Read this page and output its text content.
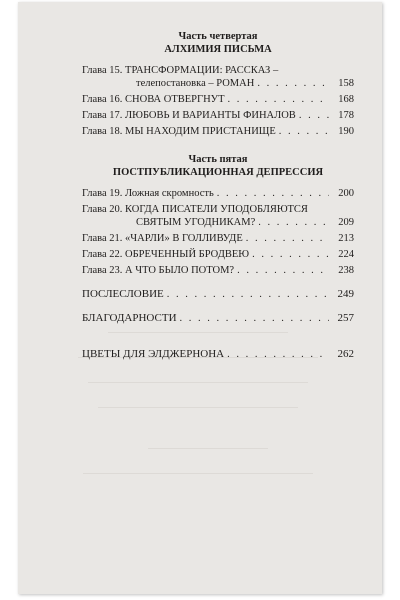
Часть четвертая
АЛХИМИЯ ПИСЬМА
Глава 15. ТРАНСФОРМАЦИИ: РАССКАЗ –
телепостановка – РОМАН . . .	158
Глава 16. СНОВА ОТВЕРГНУТ . . .	168
Глава 17. ЛЮБОВЬ И ВАРИАНТЫ ФИНАЛОВ . . .	178
Глава 18. МЫ НАХОДИМ ПРИСТАНИЩЕ . . .	190
Часть пятая
ПОСТПУБЛИКАЦИОННАЯ ДЕПРЕССИЯ
Глава 19. Ложная скромность . . .	200
Глава 20. КОГДА ПИСАТЕЛИ УПОДОБЛЯЮТСЯ
СВЯТЫМ УГОДНИКАМ? . . .	209
Глава 21. «ЧАРЛИ» В ГОЛЛИВУДЕ . . .	213
Глава 22. ОБРЕЧЕННЫЙ БРОДВЕЮ . . .	224
Глава 23. А ЧТО БЫЛО ПОТОМ? . . .	238
ПОСЛЕСЛОВИЕ . . .	249
БЛАГОДАРНОСТИ . . .	257
ЦВЕТЫ ДЛЯ ЭЛДЖЕРНОНА . . .	262
